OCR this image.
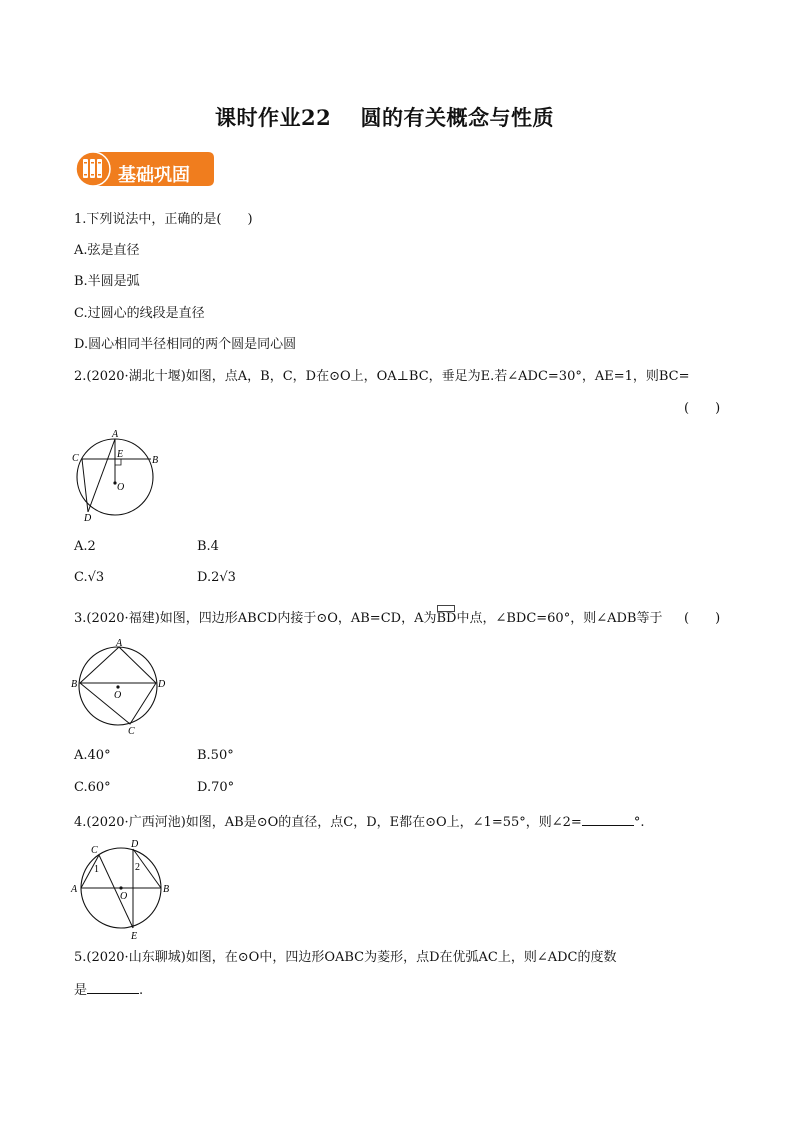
课时作业22　 圆的有关概念与性质
基础巩固
1.下列说法中，正确的是(　　)
A.弦是直径
B.半圆是弧
C.过圆心的线段是直径
D.圆心相同半径相同的两个圆是同心圆
2.(2020·湖北十堰)如图，点A，B，C，D在⊙O上，OA⊥BC，垂足为E.若∠ADC=30°，AE=1，则BC=
(　　)
A
C	B
E
O
D
A.2	B.4
C.√3	D.2√3
3.(2020·福建)如图，四边形ABCD内接于⊙O，AB=CD，A为
BD中点，∠BDC=60°，则∠ADB等于 (　　)
A
B	D
O
C
A.40°	B.50°
C.60°	D.70°
4.(2020·广西河池)如图，AB是⊙O的直径，点C，D，E都在⊙O上，∠1=55°，则∠2=	°.
C
D
A	B
O
E
1	2
5.(2020·山东聊城)如图，在⊙O中，四边形OABC为菱形，点D在优弧AC上，则∠ADC的度数
是	.
